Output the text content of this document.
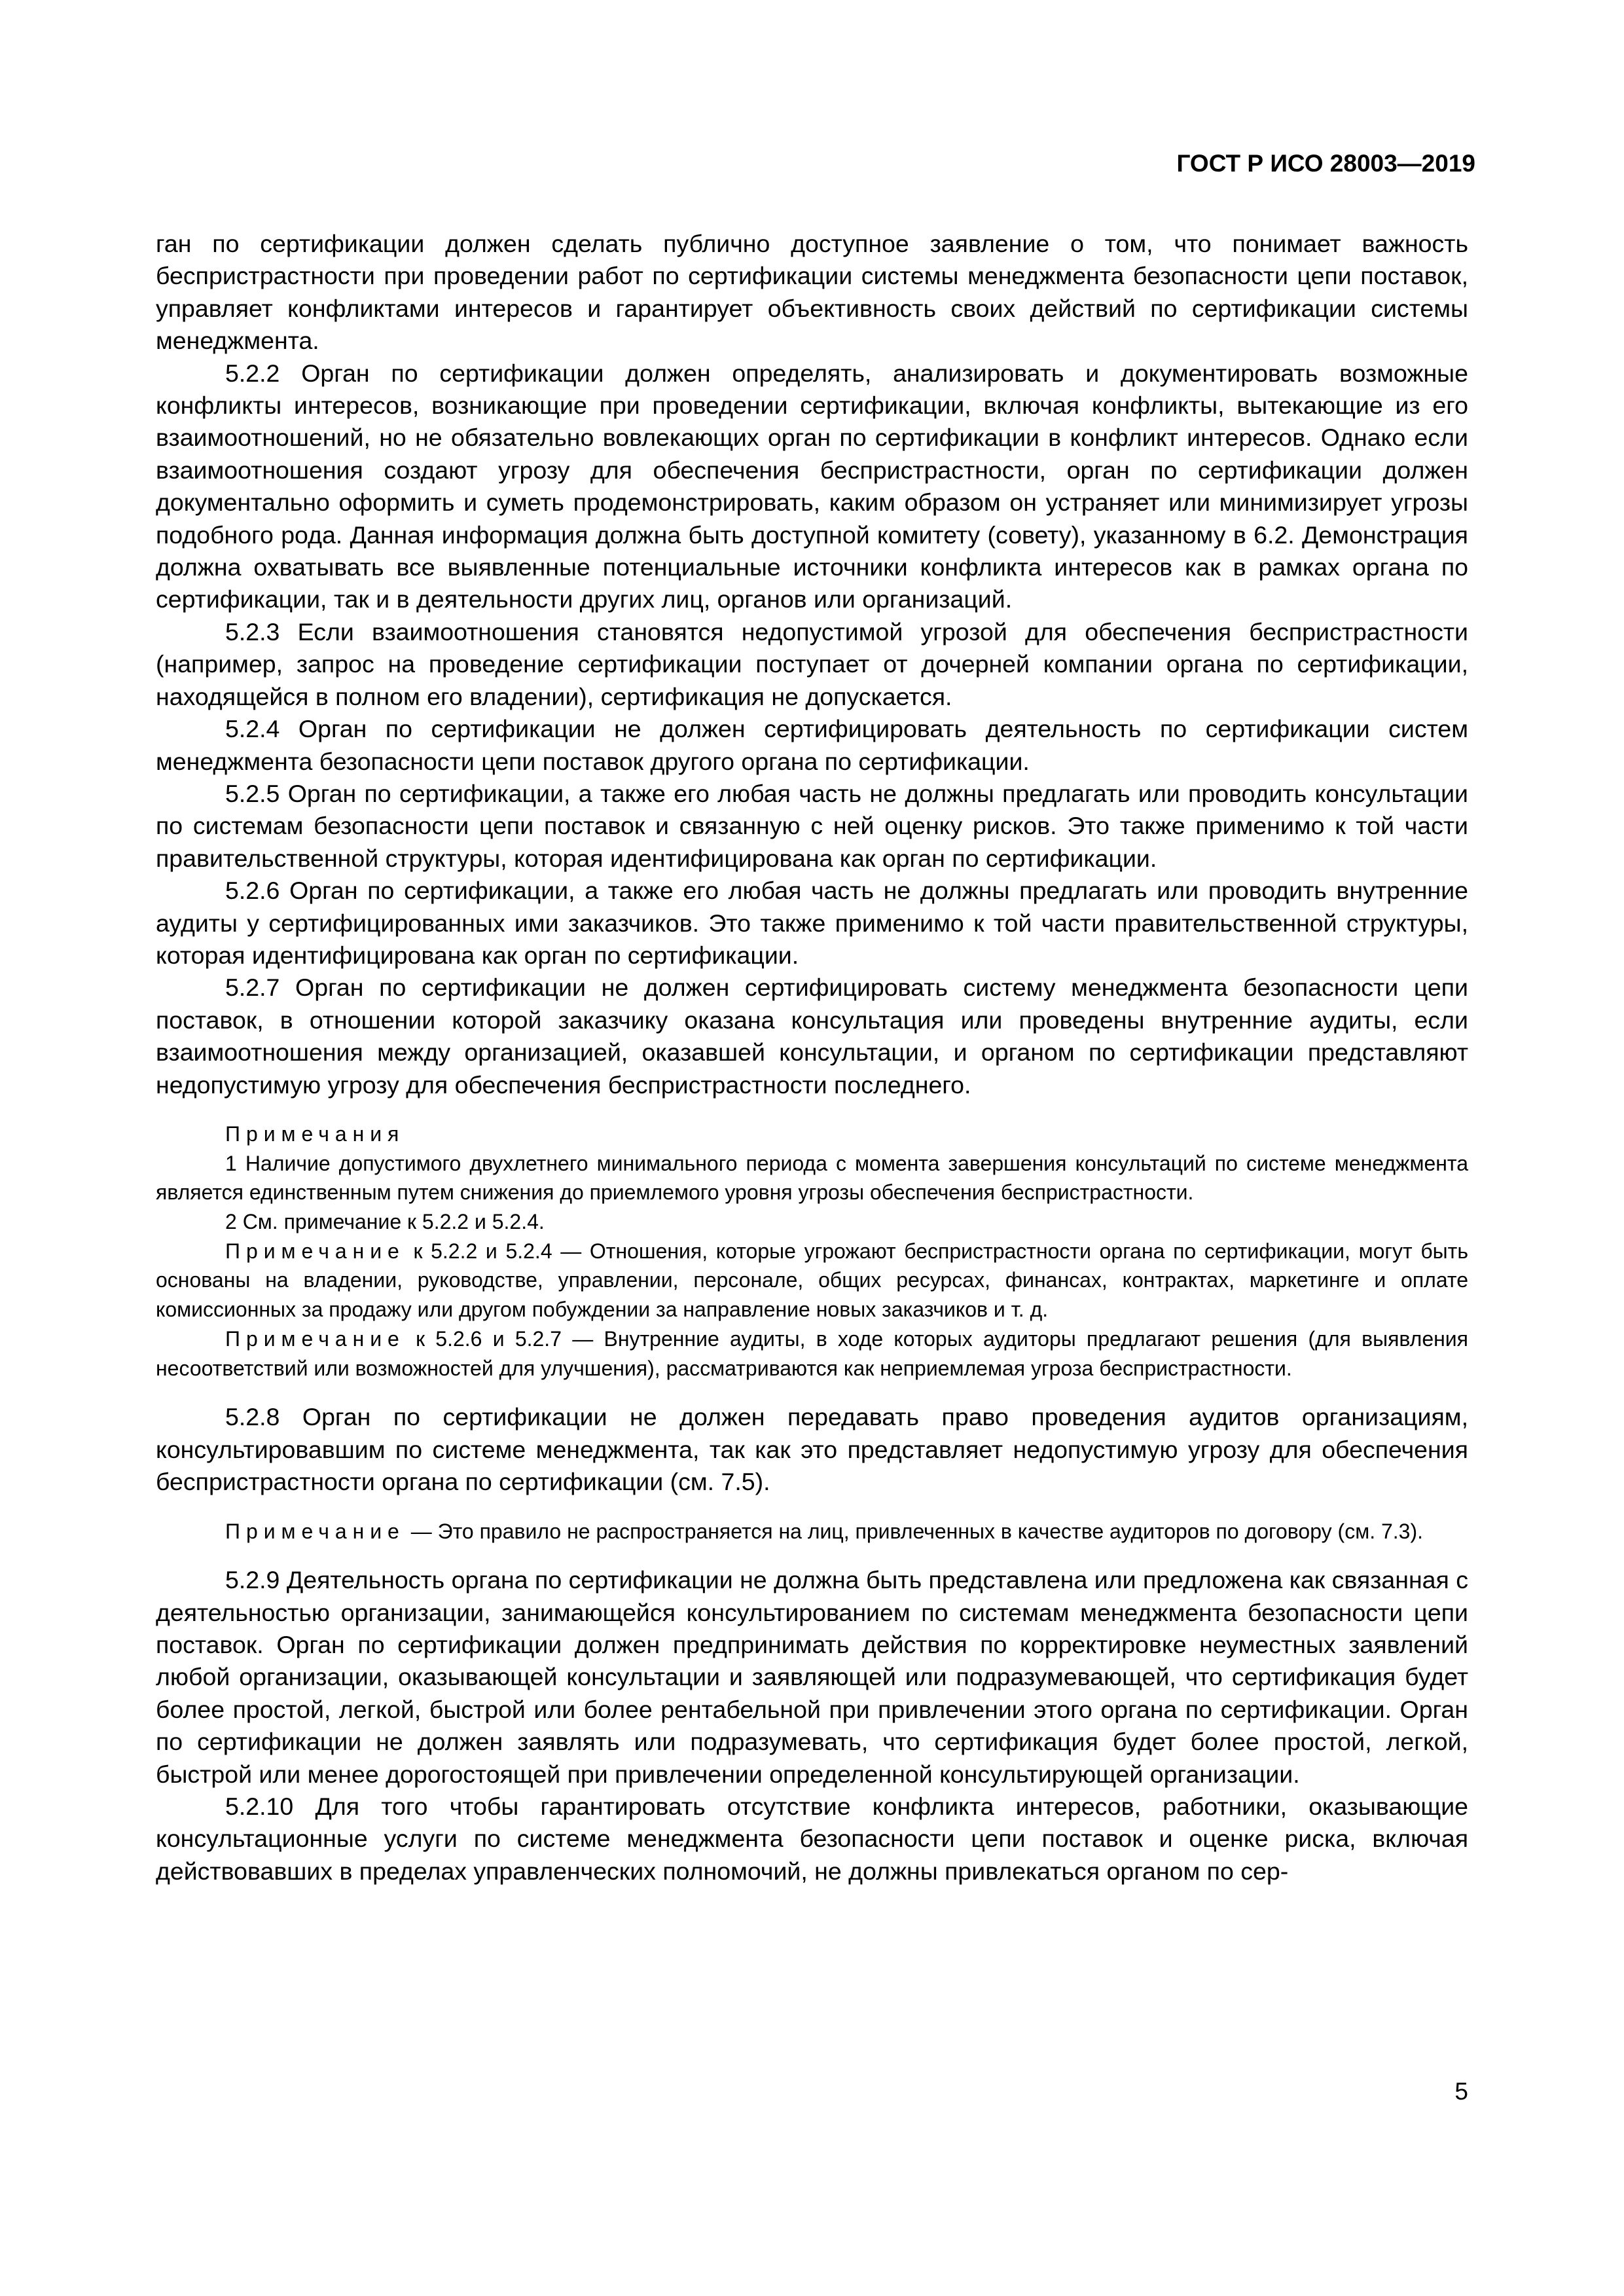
ГОСТ Р ИСО 28003—2019

ган по сертификации должен сделать публично доступное заявление о том, что понимает важность беспристрастности при проведении работ по сертификации системы менеджмента безопасности цепи поставок, управляет конфликтами интересов и гарантирует объективность своих действий по сертификации системы менеджмента.

5.2.2 Орган по сертификации должен определять, анализировать и документировать возможные конфликты интересов, возникающие при проведении сертификации, включая конфликты, вытекающие из его взаимоотношений, но не обязательно вовлекающих орган по сертификации в конфликт интересов. Однако если взаимоотношения создают угрозу для обеспечения беспристрастности, орган по сертификации должен документально оформить и суметь продемонстрировать, каким образом он устраняет или минимизирует угрозы подобного рода. Данная информация должна быть доступной комитету (совету), указанному в 6.2. Демонстрация должна охватывать все выявленные потенциальные источники конфликта интересов как в рамках органа по сертификации, так и в деятельности других лиц, органов или организаций.

5.2.3 Если взаимоотношения становятся недопустимой угрозой для обеспечения беспристрастности (например, запрос на проведение сертификации поступает от дочерней компании органа по сертификации, находящейся в полном его владении), сертификация не допускается.

5.2.4 Орган по сертификации не должен сертифицировать деятельность по сертификации систем менеджмента безопасности цепи поставок другого органа по сертификации.

5.2.5 Орган по сертификации, а также его любая часть не должны предлагать или проводить консультации по системам безопасности цепи поставок и связанную с ней оценку рисков. Это также применимо к той части правительственной структуры, которая идентифицирована как орган по сертификации.

5.2.6 Орган по сертификации, а также его любая часть не должны предлагать или проводить внутренние аудиты у сертифицированных ими заказчиков. Это также применимо к той части правительственной структуры, которая идентифицирована как орган по сертификации.

5.2.7 Орган по сертификации не должен сертифицировать систему менеджмента безопасности цепи поставок, в отношении которой заказчику оказана консультация или проведены внутренние аудиты, если взаимоотношения между организацией, оказавшей консультации, и органом по сертификации представляют недопустимую угрозу для обеспечения беспристрастности последнего.

Примечания

1 Наличие допустимого двухлетнего минимального периода с момента завершения консультаций по системе менеджмента является единственным путем снижения до приемлемого уровня угрозы обеспечения беспристрастности.

2 См. примечание к 5.2.2 и 5.2.4.

Примечание к 5.2.2 и 5.2.4 — Отношения, которые угрожают беспристрастности органа по сертификации, могут быть основаны на владении, руководстве, управлении, персонале, общих ресурсах, финансах, контрактах, маркетинге и оплате комиссионных за продажу или другом побуждении за направление новых заказчиков и т. д.

Примечание к 5.2.6 и 5.2.7 — Внутренние аудиты, в ходе которых аудиторы предлагают решения (для выявления несоответствий или возможностей для улучшения), рассматриваются как неприемлемая угроза беспристрастности.

5.2.8 Орган по сертификации не должен передавать право проведения аудитов организациям, консультировавшим по системе менеджмента, так как это представляет недопустимую угрозу для обеспечения беспристрастности органа по сертификации (см. 7.5).

Примечание — Это правило не распространяется на лиц, привлеченных в качестве аудиторов по договору (см. 7.3).

5.2.9 Деятельность органа по сертификации не должна быть представлена или предложена как связанная с деятельностью организации, занимающейся консультированием по системам менеджмента безопасности цепи поставок. Орган по сертификации должен предпринимать действия по корректировке неуместных заявлений любой организации, оказывающей консультации и заявляющей или подразумевающей, что сертификация будет более простой, легкой, быстрой или более рентабельной при привлечении этого органа по сертификации. Орган по сертификации не должен заявлять или подразумевать, что сертификация будет более простой, легкой, быстрой или менее дорогостоящей при привлечении определенной консультирующей организации.

5.2.10 Для того чтобы гарантировать отсутствие конфликта интересов, работники, оказывающие консультационные услуги по системе менеджмента безопасности цепи поставок и оценке риска, включая действовавших в пределах управленческих полномочий, не должны привлекаться органом по сер-

5
